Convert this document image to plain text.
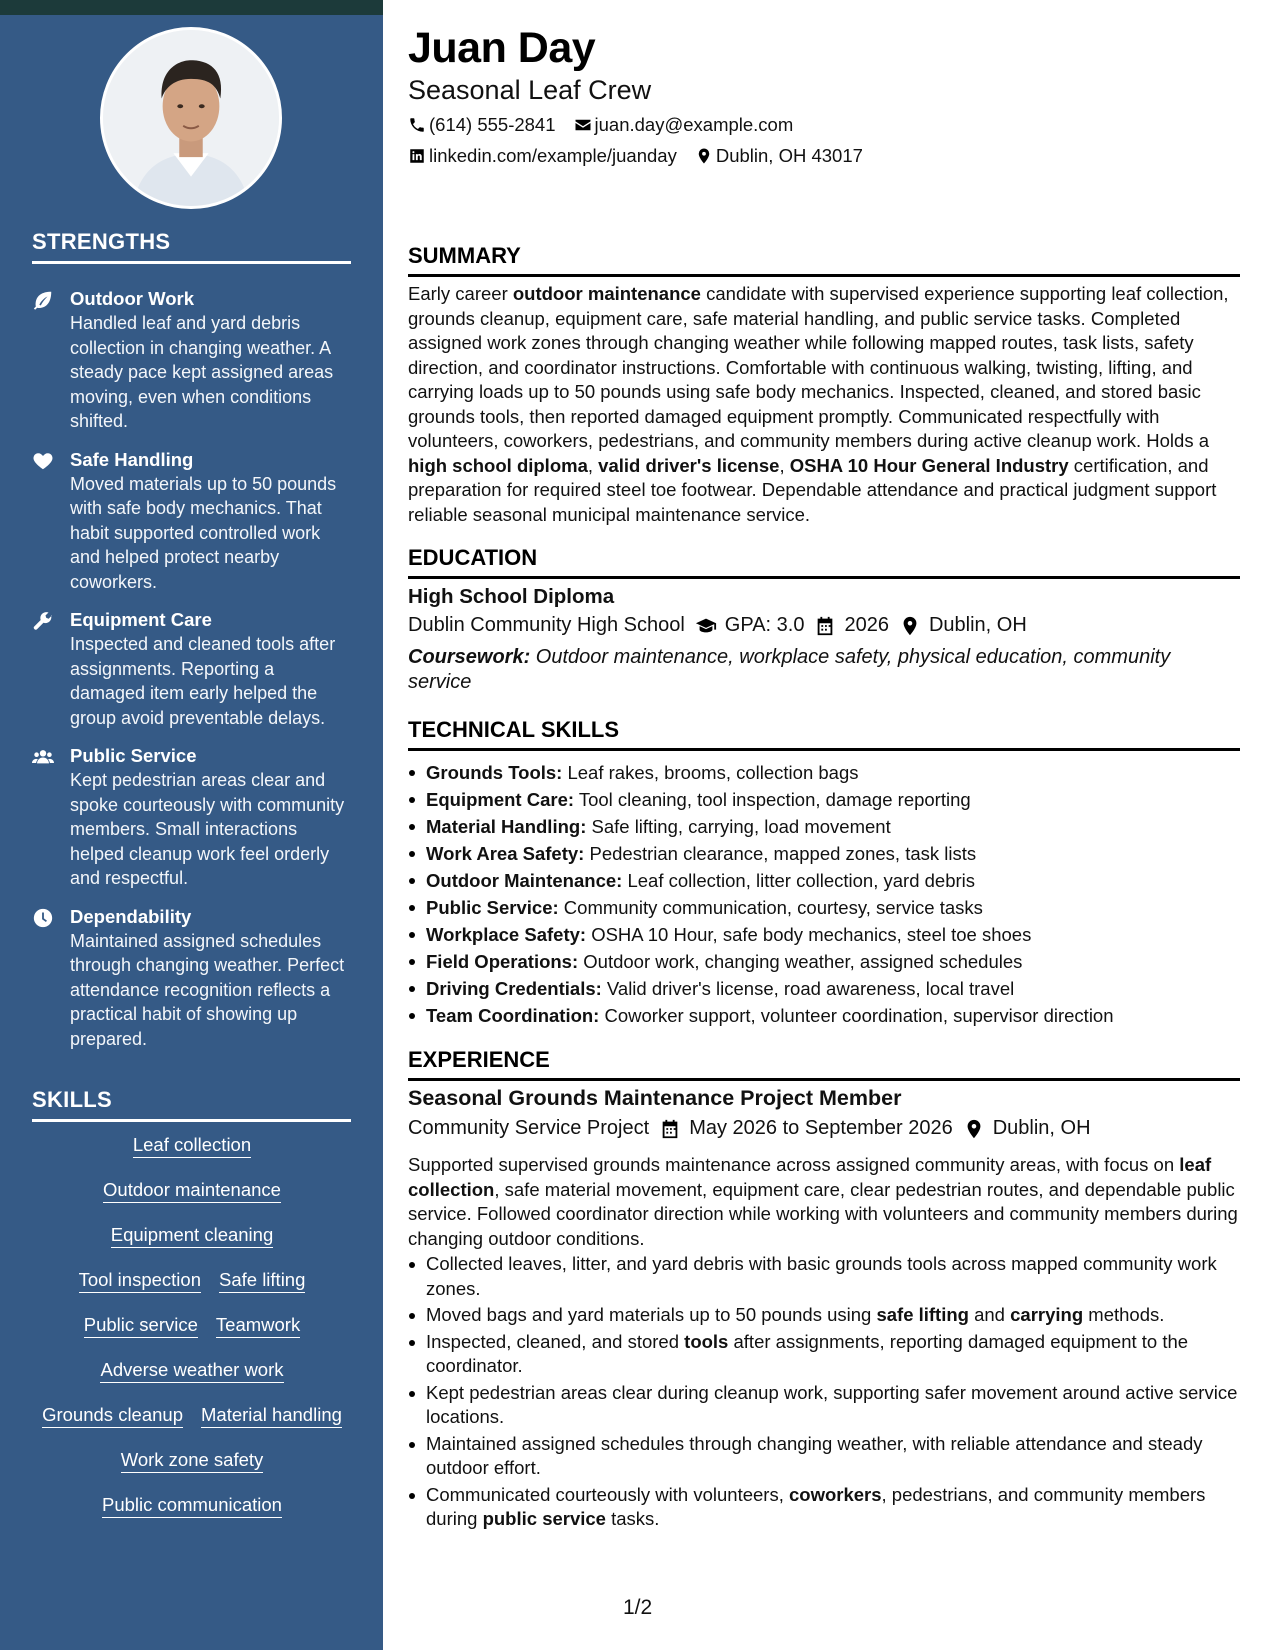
STRENGTHS
Outdoor Work
Handled leaf and yard debris collection in changing weather. A steady pace kept assigned areas moving, even when conditions shifted.
Safe Handling
Moved materials up to 50 pounds with safe body mechanics. That habit supported controlled work and helped protect nearby coworkers.
Equipment Care
Inspected and cleaned tools after assignments. Reporting a damaged item early helped the group avoid preventable delays.
Public Service
Kept pedestrian areas clear and spoke courteously with community members. Small interactions helped cleanup work feel orderly and respectful.
Dependability
Maintained assigned schedules through changing weather. Perfect attendance recognition reflects a practical habit of showing up prepared.
SKILLS
Leaf collection
Outdoor maintenance
Equipment cleaning
Tool inspection Safe lifting
Public service Teamwork
Adverse weather work
Grounds cleanup Material handling
Work zone safety
Public communication
Juan Day
Seasonal Leaf Crew
(614) 555-2841 juan.day@example.com
linkedin.com/example/juanday Dublin, OH 43017
SUMMARY
Early career outdoor maintenance candidate with supervised experience supporting leaf collection, grounds cleanup, equipment care, safe material handling, and public service tasks. Completed assigned work zones through changing weather while following mapped routes, task lists, safety direction, and coordinator instructions. Comfortable with continuous walking, twisting, lifting, and carrying loads up to 50 pounds using safe body mechanics. Inspected, cleaned, and stored basic grounds tools, then reported damaged equipment promptly. Communicated respectfully with volunteers, coworkers, pedestrians, and community members during active cleanup work. Holds a high school diploma, valid driver's license, OSHA 10 Hour General Industry certification, and preparation for required steel toe footwear. Dependable attendance and practical judgment support reliable seasonal municipal maintenance service.
EDUCATION
High School Diploma
Dublin Community High School GPA: 3.0 2026 Dublin, OH
Coursework: Outdoor maintenance, workplace safety, physical education, community service
TECHNICAL SKILLS
Grounds Tools: Leaf rakes, brooms, collection bags
Equipment Care: Tool cleaning, tool inspection, damage reporting
Material Handling: Safe lifting, carrying, load movement
Work Area Safety: Pedestrian clearance, mapped zones, task lists
Outdoor Maintenance: Leaf collection, litter collection, yard debris
Public Service: Community communication, courtesy, service tasks
Workplace Safety: OSHA 10 Hour, safe body mechanics, steel toe shoes
Field Operations: Outdoor work, changing weather, assigned schedules
Driving Credentials: Valid driver's license, road awareness, local travel
Team Coordination: Coworker support, volunteer coordination, supervisor direction
EXPERIENCE
Seasonal Grounds Maintenance Project Member
Community Service Project May 2026 to September 2026 Dublin, OH
Supported supervised grounds maintenance across assigned community areas, with focus on leaf collection, safe material movement, equipment care, clear pedestrian routes, and dependable public service. Followed coordinator direction while working with volunteers and community members during changing outdoor conditions.
Collected leaves, litter, and yard debris with basic grounds tools across mapped community work zones.
Moved bags and yard materials up to 50 pounds using safe lifting and carrying methods.
Inspected, cleaned, and stored tools after assignments, reporting damaged equipment to the coordinator.
Kept pedestrian areas clear during cleanup work, supporting safer movement around active service locations.
Maintained assigned schedules through changing weather, with reliable attendance and steady outdoor effort.
Communicated courteously with volunteers, coworkers, pedestrians, and community members during public service tasks.
1/2
